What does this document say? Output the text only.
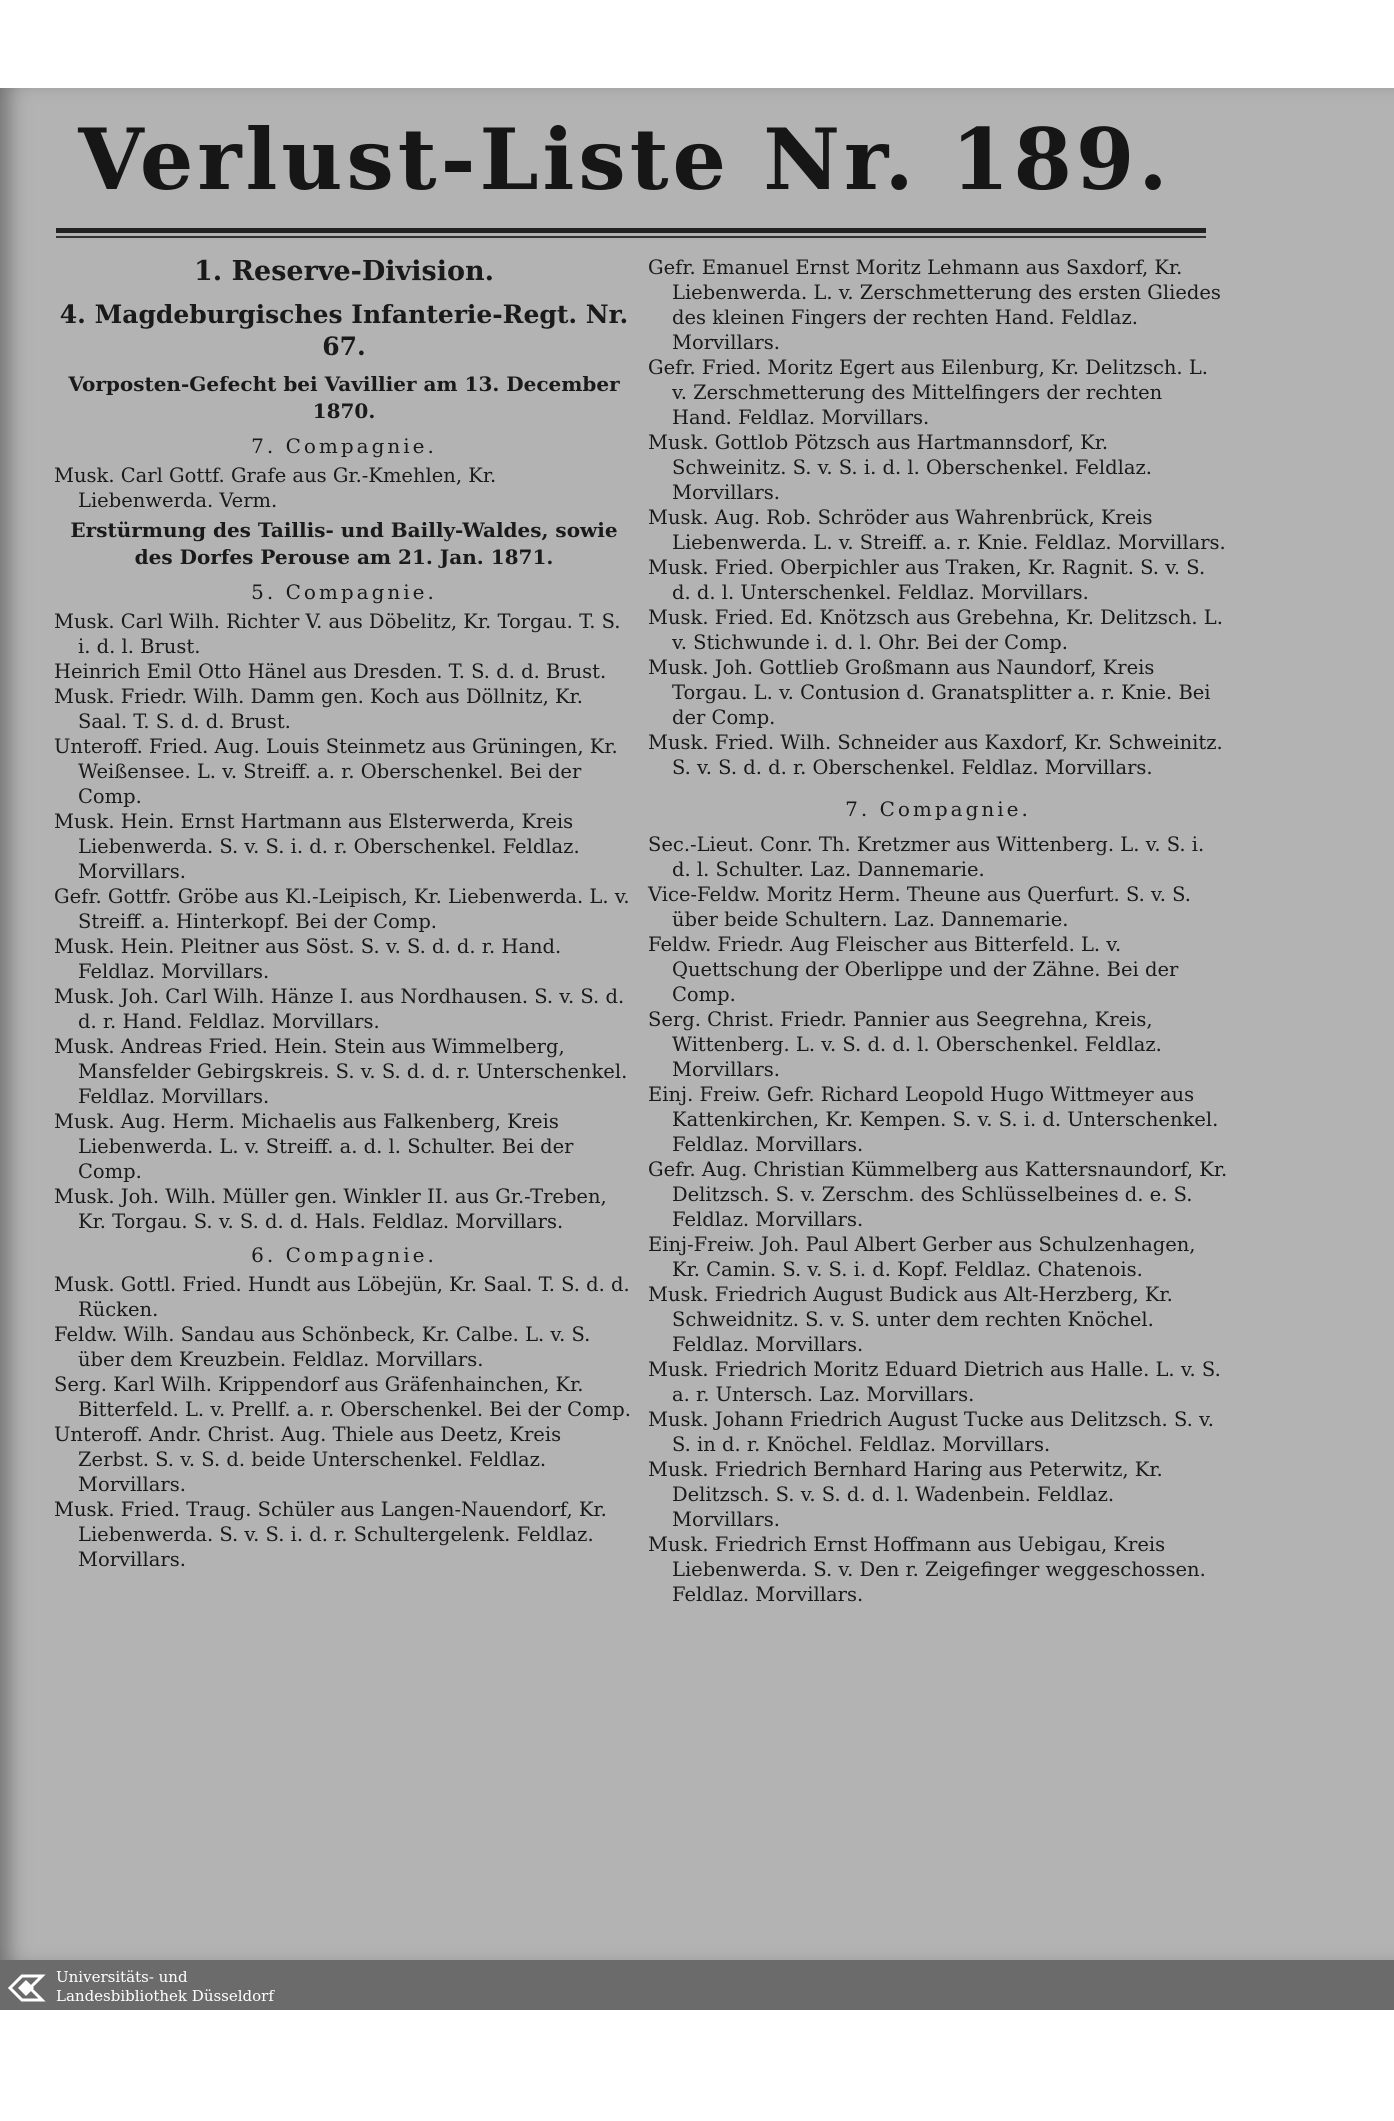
Verlust-Liste Nr. 189.
1. Reserve-Division.
4. Magdeburgisches Infanterie-Regt. Nr. 67.
Vorposten-Gefecht bei Vavillier am 13. December 1870.
7. Compagnie.

Musk. Carl Gottf. Grafe aus Gr.-Kmehlen, Kr. Liebenwerda. Verm.

Erstürmung des Taillis- und Bailly-Waldes, sowie des Dorfes Perouse am 21. Jan. 1871.
5. Compagnie.

Musk. Carl Wilh. Richter V. aus Döbelitz, Kr. Torgau. T. S. i. d. l. Brust.

Heinrich Emil Otto Hänel aus Dresden. T. S. d. d. Brust.

Musk. Friedr. Wilh. Damm gen. Koch aus Döllnitz, Kr. Saal. T. S. d. d. Brust.

Unteroff. Fried. Aug. Louis Steinmetz aus Grüningen, Kr. Weißensee. L. v. Streiff. a. r. Oberschenkel. Bei der Comp.

Musk. Hein. Ernst Hartmann aus Elsterwerda, Kreis Liebenwerda. S. v. S. i. d. r. Oberschenkel. Feldlaz. Morvillars.

Gefr. Gottfr. Gröbe aus Kl.-Leipisch, Kr. Liebenwerda. L. v. Streiff. a. Hinterkopf. Bei der Comp.

Musk. Hein. Pleitner aus Söst. S. v. S. d. d. r. Hand. Feldlaz. Morvillars.

Musk. Joh. Carl Wilh. Hänze I. aus Nordhausen. S. v. S. d. d. r. Hand. Feldlaz. Morvillars.

Musk. Andreas Fried. Hein. Stein aus Wimmelberg, Mansfelder Gebirgskreis. S. v. S. d. d. r. Unterschenkel. Feldlaz. Morvillars.

Musk. Aug. Herm. Michaelis aus Falkenberg, Kreis Liebenwerda. L. v. Streiff. a. d. l. Schulter. Bei der Comp.

Musk. Joh. Wilh. Müller gen. Winkler II. aus Gr.-Treben, Kr. Torgau. S. v. S. d. d. Hals. Feldlaz. Morvillars.

6. Compagnie.

Musk. Gottl. Fried. Hundt aus Löbejün, Kr. Saal. T. S. d. d. Rücken.

Feldw. Wilh. Sandau aus Schönbeck, Kr. Calbe. L. v. S. über dem Kreuzbein. Feldlaz. Morvillars.

Serg. Karl Wilh. Krippendorf aus Gräfenhainchen, Kr. Bitterfeld. L. v. Prellf. a. r. Oberschenkel. Bei der Comp.

Unteroff. Andr. Christ. Aug. Thiele aus Deetz, Kreis Zerbst. S. v. S. d. beide Unterschenkel. Feldlaz. Morvillars.

Musk. Fried. Traug. Schüler aus Langen-Nauendorf, Kr. Liebenwerda. S. v. S. i. d. r. Schultergelenk. Feldlaz. Morvillars.

Gefr. Emanuel Ernst Moritz Lehmann aus Saxdorf, Kr. Liebenwerda. L. v. Zerschmetterung des ersten Gliedes des kleinen Fingers der rechten Hand. Feldlaz. Morvillars.

Gefr. Fried. Moritz Egert aus Eilenburg, Kr. Delitzsch. L. v. Zerschmetterung des Mittelfingers der rechten Hand. Feldlaz. Morvillars.

Musk. Gottlob Pötzsch aus Hartmannsdorf, Kr. Schweinitz. S. v. S. i. d. l. Oberschenkel. Feldlaz. Morvillars.

Musk. Aug. Rob. Schröder aus Wahrenbrück, Kreis Liebenwerda. L. v. Streiff. a. r. Knie. Feldlaz. Morvillars.

Musk. Fried. Oberpichler aus Traken, Kr. Ragnit. S. v. S. d. d. l. Unterschenkel. Feldlaz. Morvillars.

Musk. Fried. Ed. Knötzsch aus Grebehna, Kr. Delitzsch. L. v. Stichwunde i. d. l. Ohr. Bei der Comp.

Musk. Joh. Gottlieb Großmann aus Naundorf, Kreis Torgau. L. v. Contusion d. Granatsplitter a. r. Knie. Bei der Comp.

Musk. Fried. Wilh. Schneider aus Kaxdorf, Kr. Schweinitz. S. v. S. d. d. r. Oberschenkel. Feldlaz. Morvillars.

7. Compagnie.

Sec.-Lieut. Conr. Th. Kretzmer aus Wittenberg. L. v. S. i. d. l. Schulter. Laz. Dannemarie.

Vice-Feldw. Moritz Herm. Theune aus Querfurt. S. v. S. über beide Schultern. Laz. Dannemarie.

Feldw. Friedr. Aug Fleischer aus Bitterfeld. L. v. Quettschung der Oberlippe und der Zähne. Bei der Comp.

Serg. Christ. Friedr. Pannier aus Seegrehna, Kreis, Wittenberg. L. v. S. d. d. l. Oberschenkel. Feldlaz. Morvillars.

Einj. Freiw. Gefr. Richard Leopold Hugo Wittmeyer aus Kattenkirchen, Kr. Kempen. S. v. S. i. d. Unterschenkel. Feldlaz. Morvillars.

Gefr. Aug. Christian Kümmelberg aus Kattersnaundorf, Kr. Delitzsch. S. v. Zerschm. des Schlüsselbeines d. e. S. Feldlaz. Morvillars.

Einj-Freiw. Joh. Paul Albert Gerber aus Schulzenhagen, Kr. Camin. S. v. S. i. d. Kopf. Feldlaz. Chatenois.

Musk. Friedrich August Budick aus Alt-Herzberg, Kr. Schweidnitz. S. v. S. unter dem rechten Knöchel. Feldlaz. Morvillars.

Musk. Friedrich Moritz Eduard Dietrich aus Halle. L. v. S. a. r. Untersch. Laz. Morvillars.

Musk. Johann Friedrich August Tucke aus Delitzsch. S. v. S. in d. r. Knöchel. Feldlaz. Morvillars.

Musk. Friedrich Bernhard Haring aus Peterwitz, Kr. Delitzsch. S. v. S. d. d. l. Wadenbein. Feldlaz. Morvillars.

Musk. Friedrich Ernst Hoffmann aus Uebigau, Kreis Liebenwerda. S. v. Den r. Zeigefinger weggeschossen. Feldlaz. Morvillars.

Universitäts- und
Landesbibliothek Düsseldorf
